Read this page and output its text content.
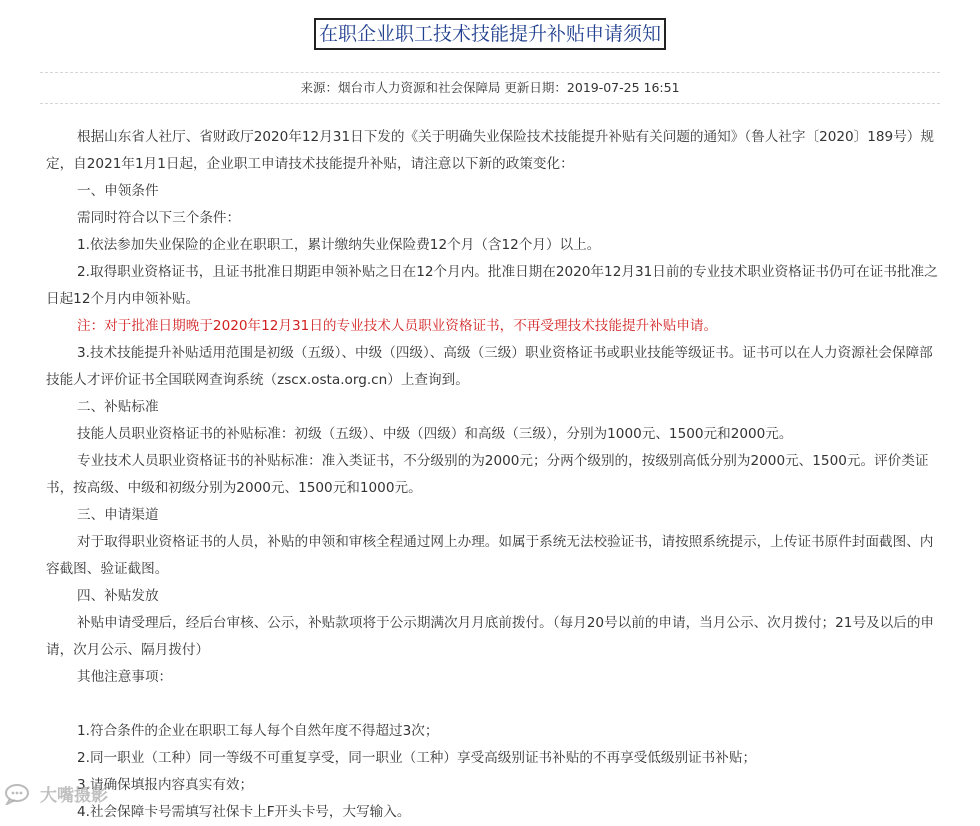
在职企业职工技术技能提升补贴申请须知
来源：烟台市人力资源和社会保障局 更新日期：2019-07-25 16:51

根据山东省人社厅、省财政厅2020年12月31日下发的《关于明确失业保险技术技能提升补贴有关问题的通知》（鲁人社字〔2020〕189号）规定，自2021年1月1日起，企业职工申请技术技能提升补贴，请注意以下新的政策变化：

一、申领条件

需同时符合以下三个条件：

1.依法参加失业保险的企业在职职工，累计缴纳失业保险费12个月（含12个月）以上。

2.取得职业资格证书，且证书批准日期距申领补贴之日在12个月内。批准日期在2020年12月31日前的专业技术职业资格证书仍可在证书批准之日起12个月内申领补贴。

注：对于批准日期晚于2020年12月31日的专业技术人员职业资格证书，不再受理技术技能提升补贴申请。

3.技术技能提升补贴适用范围是初级（五级）、中级（四级）、高级（三级）职业资格证书或职业技能等级证书。证书可以在人力资源社会保障部技能人才评价证书全国联网查询系统（zscx.osta.org.cn）上查询到。

二、补贴标准

技能人员职业资格证书的补贴标准：初级（五级）、中级（四级）和高级（三级），分别为1000元、1500元和2000元。

专业技术人员职业资格证书的补贴标准：准入类证书，不分级别的为2000元；分两个级别的，按级别高低分别为2000元、1500元。评价类证书，按高级、中级和初级分别为2000元、1500元和1000元。

三、申请渠道

对于取得职业资格证书的人员，补贴的申领和审核全程通过网上办理。如属于系统无法校验证书，请按照系统提示，上传证书原件封面截图、内容截图、验证截图。

四、补贴发放

补贴申请受理后，经后台审核、公示，补贴款项将于公示期满次月月底前拨付。（每月20号以前的申请，当月公示、次月拨付；21号及以后的申请，次月公示、隔月拨付）

其他注意事项：

1.符合条件的企业在职职工每人每个自然年度不得超过3次；

2.同一职业（工种）同一等级不可重复享受，同一职业（工种）享受高级别证书补贴的不再享受低级别证书补贴；

3.请确保填报内容真实有效；

4.社会保障卡号需填写社保卡上F开头卡号，大写输入。

大嘴摄影
